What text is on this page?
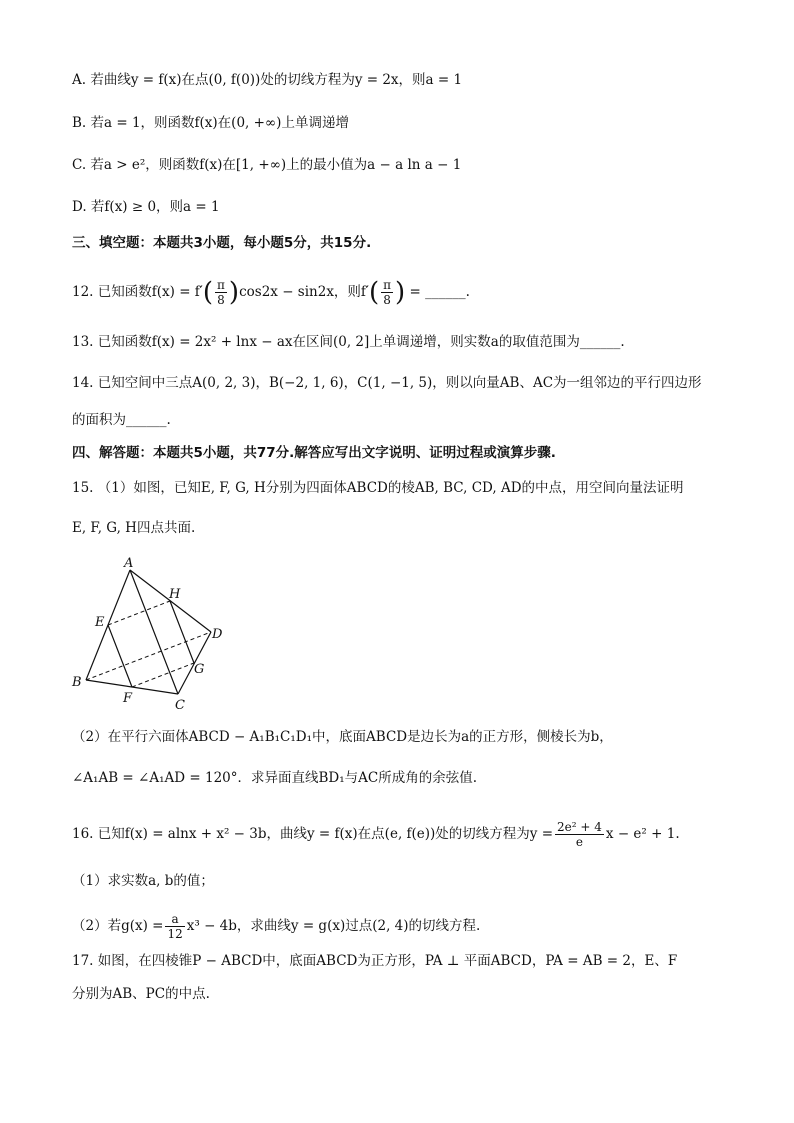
A. 若曲线y = f(x)在点(0, f(0))处的切线方程为y = 2x，则a = 1
B. 若a = 1，则函数f(x)在(0, +∞)上单调递增
C. 若a > e²，则函数f(x)在[1, +∞)上的最小值为a − a ln a − 1
D. 若f(x) ≥ 0，则a = 1
三、填空题：本题共3小题，每小题5分，共15分.
12. 已知函数$f(x) = f'( \frac{\pi}{8} )\cos 2x - \sin 2x$，则$f'( \frac{\pi}{8}$ ) = ______.
13. 已知函数f(x) = 2x² + lnx − ax在区间(0, 2]上单调递增，则实数a的取值范围为______.
14. 已知空间中三点A(0, 2, 3)，B(−2, 1, 6)，C(1, −1, 5)，则以向量AB、AC为一组邻边的平行四边形
的面积为______.
四、解答题：本题共5小题，共77分.解答应写出文字说明、证明过程或演算步骤.
15. （1）如图，已知E, F, G, H分别为四面体ABCD的棱AB, BC, CD, AD的中点，用空间向量法证明
E, F, G, H四点共面.
A
H
E
D
G
B
F	C
（2）在平行六面体ABCD − A₁B₁C₁D₁中，底面ABCD是边长为a的正方形，侧棱长为b，
∠A₁AB = ∠A₁AD = 120°．求异面直线BD₁与AC所成角的余弦值.
16. 已知f(x) = alnx + x² − 3b，曲线y = f(x)在点(e, f(e))处的切线方程为$y = \frac{\text{2e² + 4}}{e}$ x − e² + 1.
（1）求实数a, b的值；
（2）若$g(x) = \frac{a}{12} x^3 - 4b$，求曲线y = g(x)过点(2, 4)的切线方程.
17. 如图，在四棱锥P − ABCD中，底面ABCD为正方形，PA ⊥ 平面ABCD，PA = AB = 2，E、F
分别为AB、PC的中点.
